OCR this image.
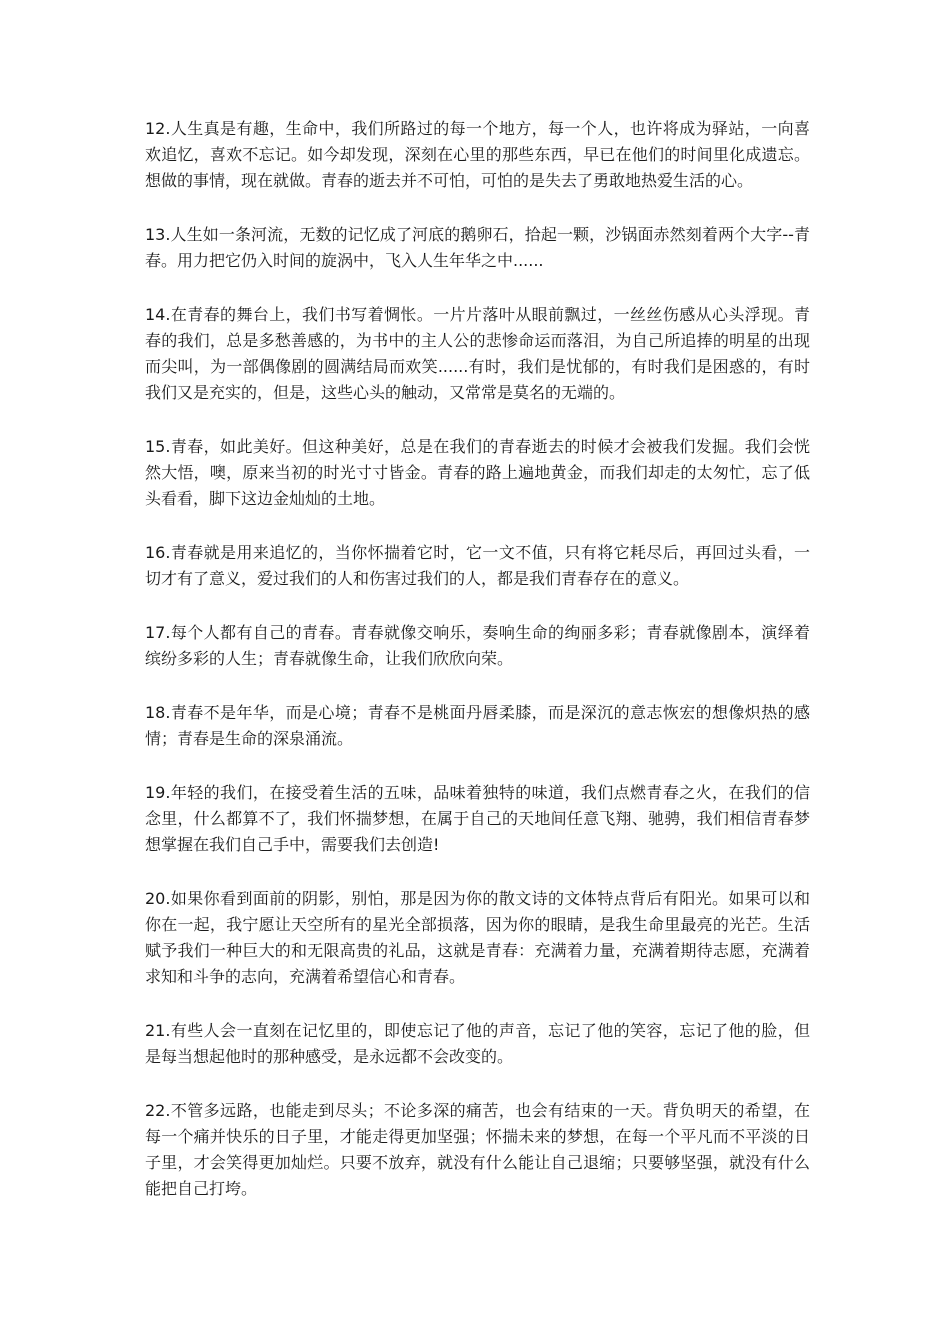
12.人生真是有趣，生命中，我们所路过的每一个地方，每一个人，也许将成为驿站，一向喜欢追忆，喜欢不忘记。如今却发现，深刻在心里的那些东西，早已在他们的时间里化成遗忘。想做的事情，现在就做。青春的逝去并不可怕，可怕的是失去了勇敢地热爱生活的心。

13.人生如一条河流，无数的记忆成了河底的鹅卵石，拾起一颗，沙锅面赤然刻着两个大字--青春。用力把它仍入时间的旋涡中，飞入人生年华之中......

14.在青春的舞台上，我们书写着惆怅。一片片落叶从眼前飘过，一丝丝伤感从心头浮现。青春的我们，总是多愁善感的，为书中的主人公的悲惨命运而落泪，为自己所追捧的明星的出现而尖叫，为一部偶像剧的圆满结局而欢笑......有时，我们是忧郁的，有时我们是困惑的，有时我们又是充实的，但是，这些心头的触动，又常常是莫名的无端的。

15.青春，如此美好。但这种美好，总是在我们的青春逝去的时候才会被我们发掘。我们会恍然大悟，噢，原来当初的时光寸寸皆金。青春的路上遍地黄金，而我们却走的太匆忙，忘了低头看看，脚下这边金灿灿的土地。

16.青春就是用来追忆的，当你怀揣着它时，它一文不值，只有将它耗尽后，再回过头看，一切才有了意义，爱过我们的人和伤害过我们的人，都是我们青春存在的意义。

17.每个人都有自己的青春。青春就像交响乐，奏响生命的绚丽多彩；青春就像剧本，演绎着缤纷多彩的人生；青春就像生命，让我们欣欣向荣。

18.青春不是年华，而是心境；青春不是桃面丹唇柔膝，而是深沉的意志恢宏的想像炽热的感情；青春是生命的深泉涌流。

19.年轻的我们，在接受着生活的五味，品味着独特的味道，我们点燃青春之火，在我们的信念里，什么都算不了，我们怀揣梦想，在属于自己的天地间任意飞翔、驰骋，我们相信青春梦想掌握在我们自己手中，需要我们去创造!

20.如果你看到面前的阴影，别怕，那是因为你的散文诗的文体特点背后有阳光。如果可以和你在一起，我宁愿让天空所有的星光全部损落，因为你的眼睛，是我生命里最亮的光芒。生活赋予我们一种巨大的和无限高贵的礼品，这就是青春：充满着力量，充满着期待志愿，充满着求知和斗争的志向，充满着希望信心和青春。

21.有些人会一直刻在记忆里的，即使忘记了他的声音，忘记了他的笑容，忘记了他的脸，但是每当想起他时的那种感受，是永远都不会改变的。

22.不管多远路，也能走到尽头；不论多深的痛苦，也会有结束的一天。背负明天的希望，在每一个痛并快乐的日子里，才能走得更加坚强；怀揣未来的梦想，在每一个平凡而不平淡的日子里，才会笑得更加灿烂。只要不放弃，就没有什么能让自己退缩；只要够坚强，就没有什么能把自己打垮。
